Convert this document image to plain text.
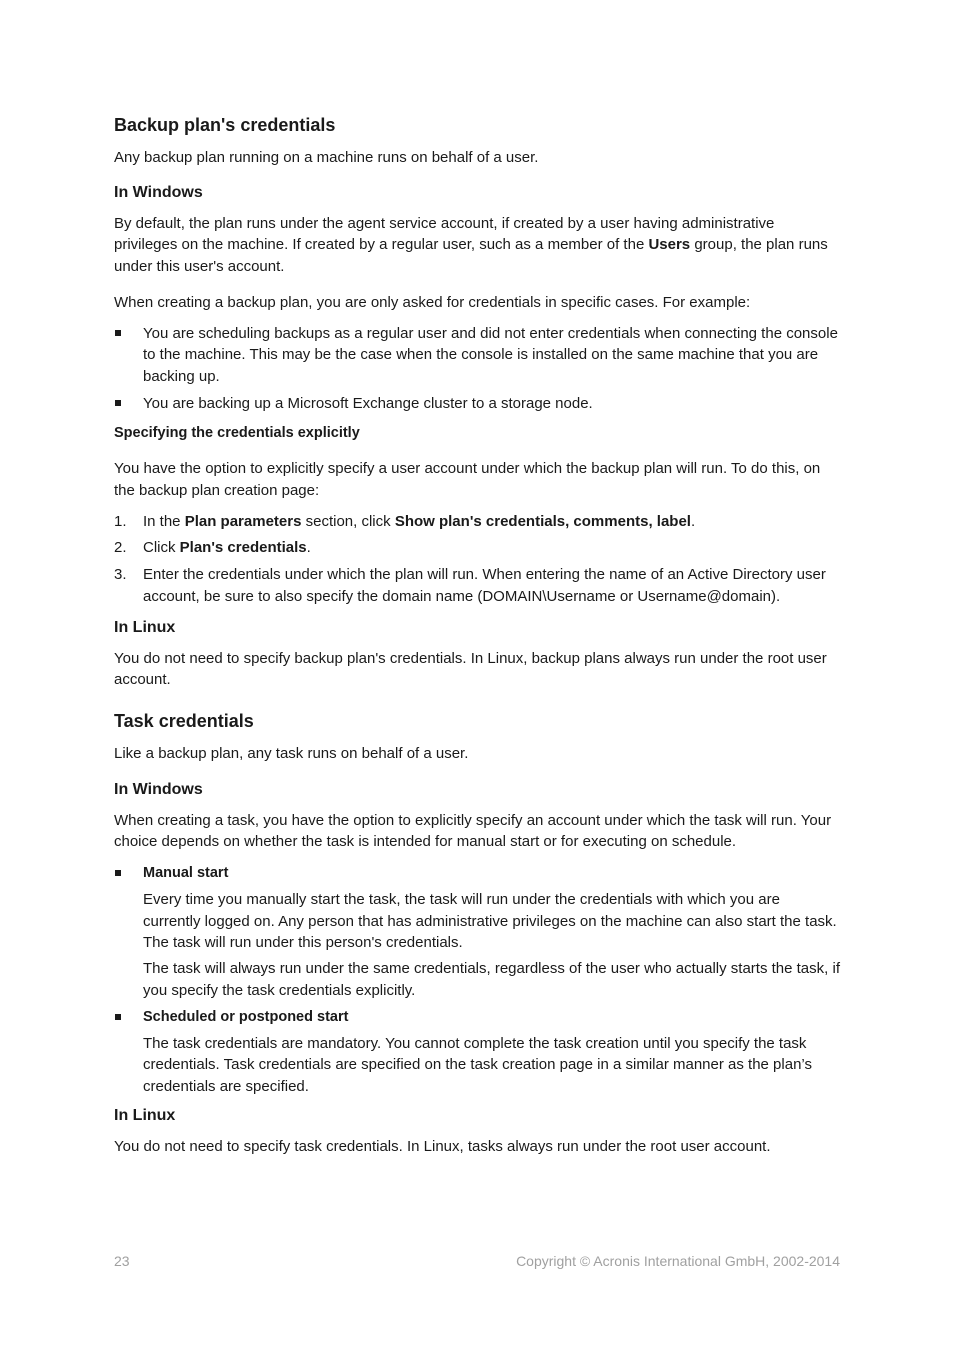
Backup plan's credentials

Any backup plan running on a machine runs on behalf of a user.

In Windows

By default, the plan runs under the agent service account, if created by a user having administrative privileges on the machine. If created by a regular user, such as a member of the Users group, the plan runs under this user's account.

When creating a backup plan, you are only asked for credentials in specific cases. For example:

You are scheduling backups as a regular user and did not enter credentials when connecting the console to the machine. This may be the case when the console is installed on the same machine that you are backing up.
You are backing up a Microsoft Exchange cluster to a storage node.
Specifying the credentials explicitly

You have the option to explicitly specify a user account under which the backup plan will run. To do this, on the backup plan creation page:

1. In the Plan parameters section, click Show plan's credentials, comments, label.
2. Click Plan's credentials.
3. Enter the credentials under which the plan will run. When entering the name of an Active Directory user account, be sure to also specify the domain name (DOMAIN\Username or Username@domain).
In Linux

You do not need to specify backup plan's credentials. In Linux, backup plans always run under the root user account.

Task credentials

Like a backup plan, any task runs on behalf of a user.

In Windows

When creating a task, you have the option to explicitly specify an account under which the task will run. Your choice depends on whether the task is intended for manual start or for executing on schedule.

Manual start

Every time you manually start the task, the task will run under the credentials with which you are currently logged on. Any person that has administrative privileges on the machine can also start the task. The task will run under this person's credentials.

The task will always run under the same credentials, regardless of the user who actually starts the task, if you specify the task credentials explicitly.

Scheduled or postponed start

The task credentials are mandatory. You cannot complete the task creation until you specify the task credentials. Task credentials are specified on the task creation page in a similar manner as the plan’s credentials are specified.

In Linux

You do not need to specify task credentials. In Linux, tasks always run under the root user account.

23	Copyright © Acronis International GmbH, 2002-2014
